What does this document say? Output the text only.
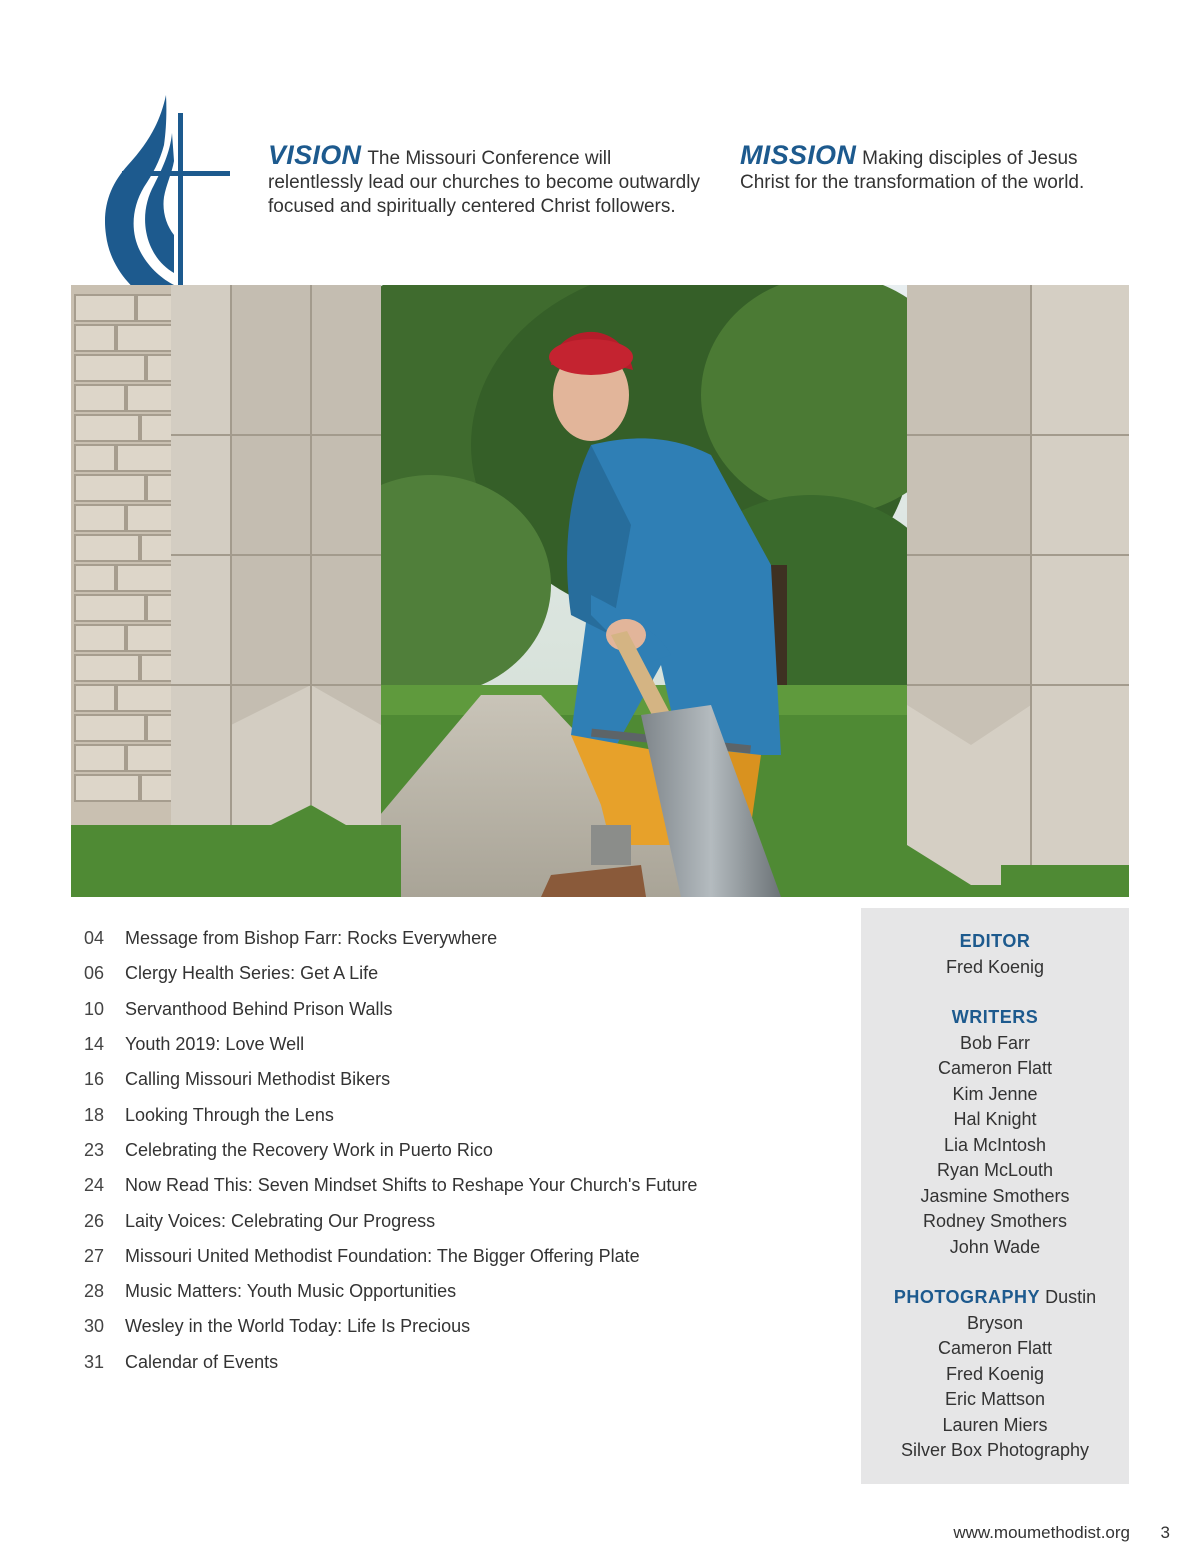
VISION The Missouri Conference will relentlessly lead our churches to become outwardly focused and spiritually centered Christ followers.
MISSION Making disciples of Jesus Christ for the transformation of the world.
04 Message from Bishop Farr: Rocks Everywhere
06 Clergy Health Series: Get A Life
10 Servanthood Behind Prison Walls
14 Youth 2019: Love Well
16 Calling Missouri Methodist Bikers
18 Looking Through the Lens
23 Celebrating the Recovery Work in Puerto Rico
24 Now Read This: Seven Mindset Shifts to Reshape Your Church's Future
26 Laity Voices: Celebrating Our Progress
27 Missouri United Methodist Foundation: The Bigger Offering Plate
28 Music Matters: Youth Music Opportunities
30 Wesley in the World Today: Life Is Precious
31 Calendar of Events
EDITOR
Fred Koenig
WRITERS
Bob Farr
Cameron Flatt
Kim Jenne
Hal Knight
Lia McIntosh
Ryan McLouth
Jasmine Smothers
Rodney Smothers
John Wade
PHOTOGRAPHY Dustin
Bryson
Cameron Flatt
Fred Koenig
Eric Mattson
Lauren Miers
Silver Box Photography
www.moumethodist.org 3
